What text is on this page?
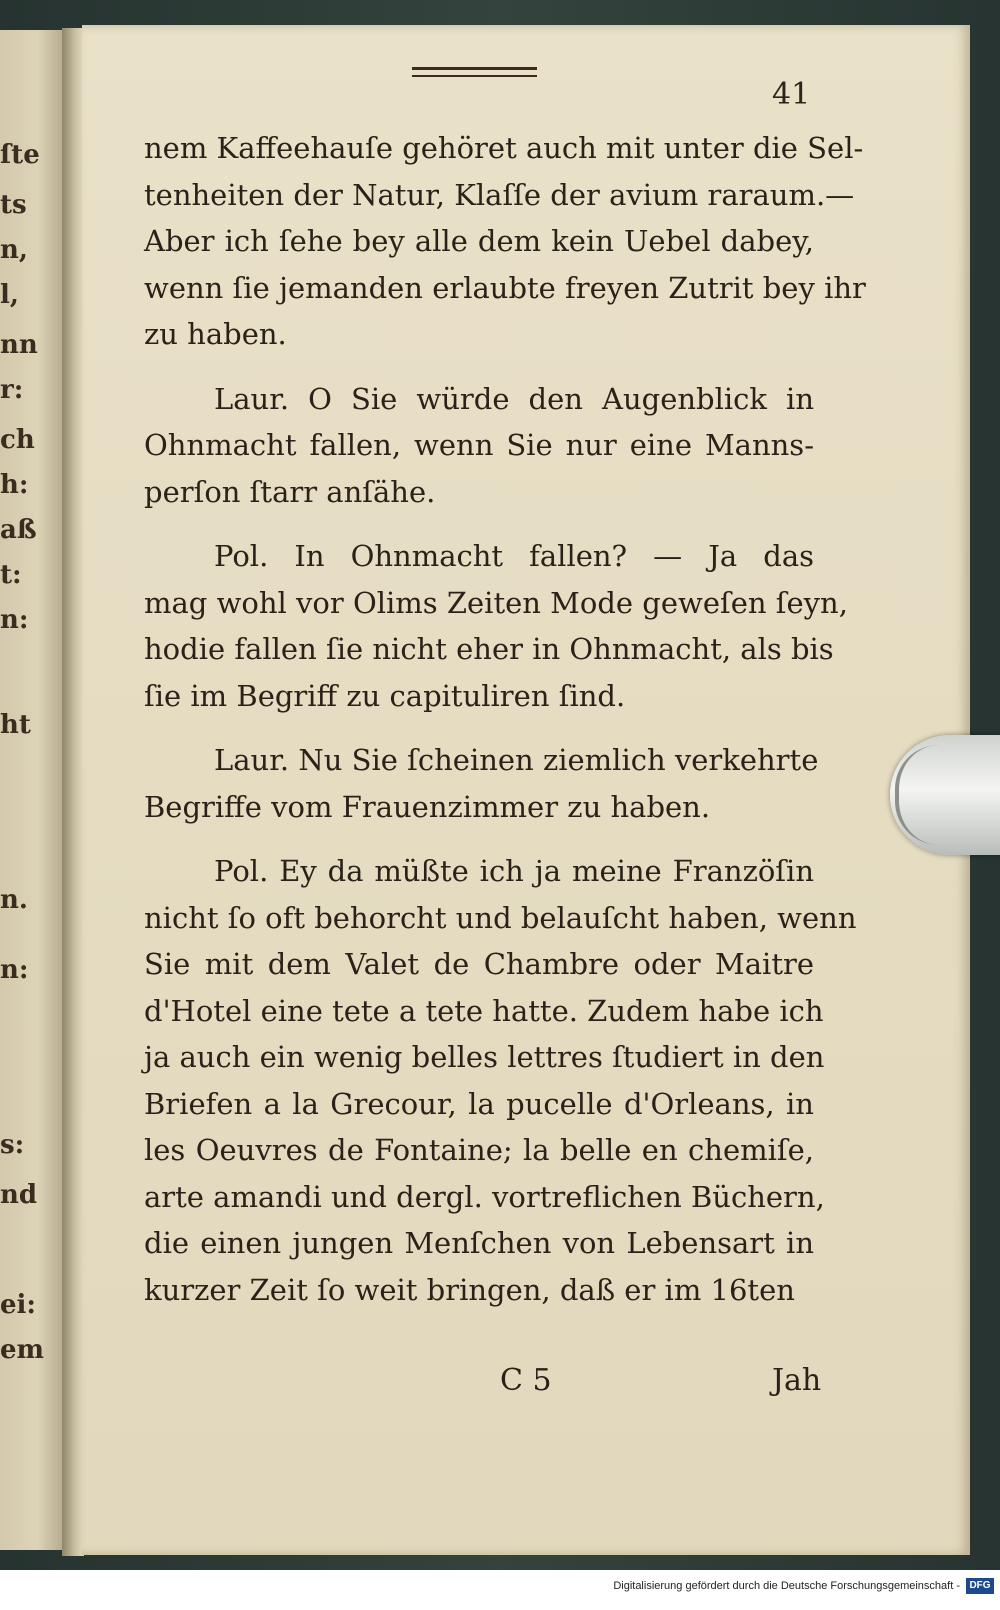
ſte
ts
n,
l,
nn
r:
ch
h:
aß
t:
n:
ht
n.
n:
s:
nd
ei:
em
41
nem Kaffeehauſe gehöret auch mit unter die Sel-
tenheiten der Natur, Klaſſe der avium raraum.—
Aber ich ſehe bey alle dem kein Uebel dabey,
wenn ſie jemanden erlaubte freyen Zutrit bey ihr
zu haben.
Laur. O Sie würde den Augenblick in
Ohnmacht fallen, wenn Sie nur eine Manns-
perſon ſtarr anſähe.
Pol. In Ohnmacht fallen? — Ja das
mag wohl vor Olims Zeiten Mode geweſen ſeyn,
hodie fallen ſie nicht eher in Ohnmacht, als bis
ſie im Begriff zu capituliren ſind.
Laur. Nu Sie ſcheinen ziemlich verkehrte
Begriffe vom Frauenzimmer zu haben.
Pol. Ey da müßte ich ja meine Franzöſin
nicht ſo oft behorcht und belauſcht haben, wenn
Sie mit dem Valet de Chambre oder Maitre
d'Hotel eine tete a tete hatte. Zudem habe ich
ja auch ein wenig belles lettres ſtudiert in den
Briefen a la Grecour, la pucelle d'Orleans, in
les Oeuvres de Fontaine; la belle en chemiſe,
arte amandi und dergl. vortreflichen Büchern,
die einen jungen Menſchen von Lebensart in
kurzer Zeit ſo weit bringen, daß er im 16ten
C 5	Jah
Digitalisierung gefördert durch die Deutsche Forschungsgemeinschaft - DFG
